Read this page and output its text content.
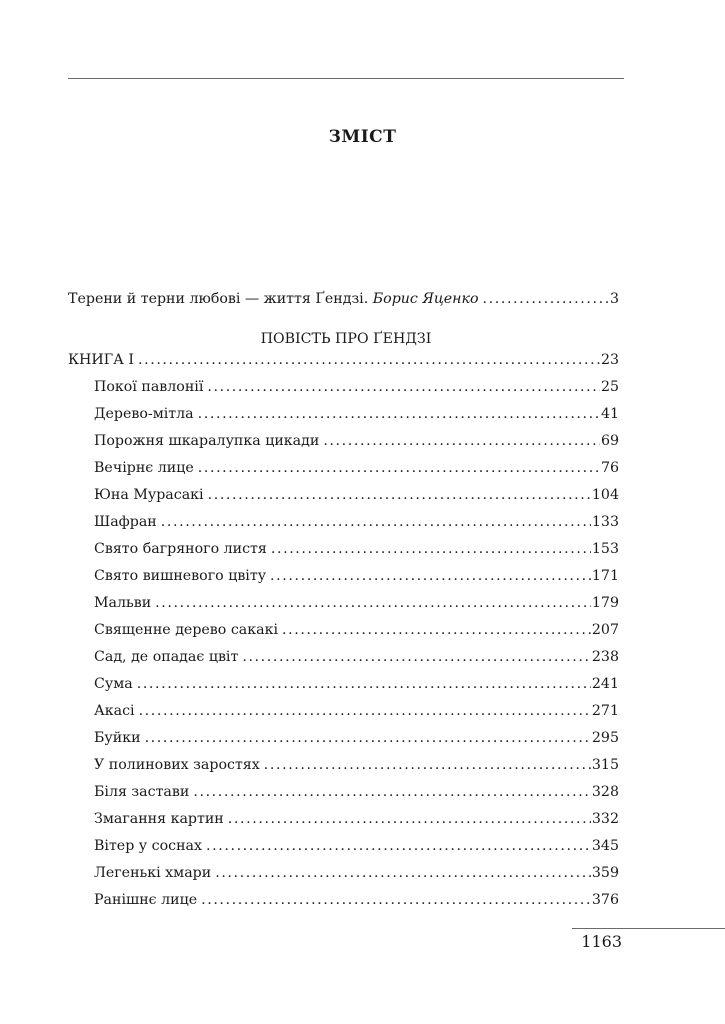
ЗМІСТ
Терени й терни любові — життя Ґендзі. Борис Яценко .....	3
ПОВІСТЬ ПРО ҐЕНДЗІ
КНИГА І .....	23
Покої павлонії .....	25
Дерево-мітла .....	41
Порожня шкаралупка цикади .....	69
Вечірнє лице .....	76
Юна Мурасакі .....	104
Шафран .....	133
Свято багряного листя .....	153
Свято вишневого цвіту .....	171
Мальви .....	179
Священне дерево сакакі .....	207
Сад, де опадає цвіт .....	238
Сума .....	241
Акасі .....	271
Буйки .....	295
У полинових заростях .....	315
Біля застави .....	328
Змагання картин .....	332
Вітер у соснах .....	345
Легенькі хмари .....	359
Ранішнє лице .....	376
1163
